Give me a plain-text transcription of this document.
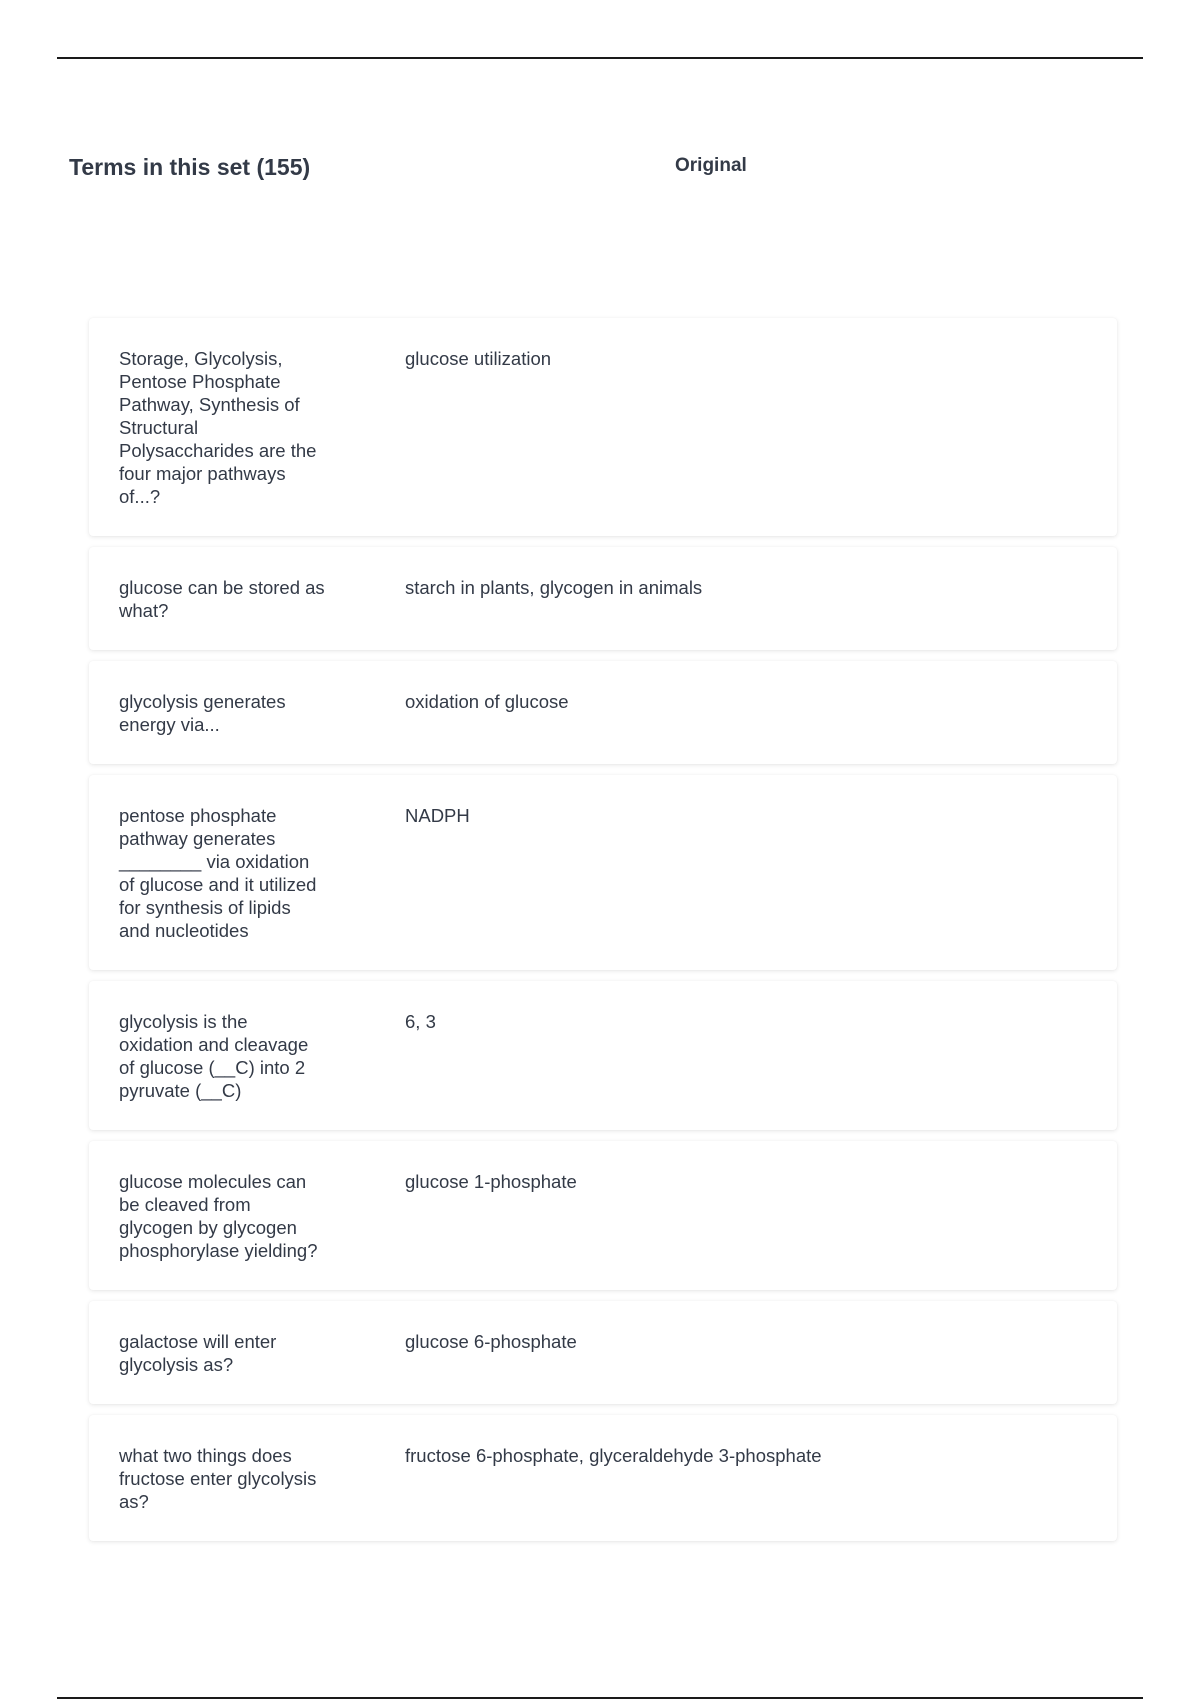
Terms in this set (155)	Original
Storage, Glycolysis,
Pentose Phosphate
Pathway, Synthesis of
Structural
Polysaccharides are the
four major pathways
of...?
glucose utilization
glucose can be stored as
what?
starch in plants, glycogen in animals
glycolysis generates
energy via...
oxidation of glucose
pentose phosphate
pathway generates
________ via oxidation
of glucose and it utilized
for synthesis of lipids
and nucleotides
NADPH
glycolysis is the
oxidation and cleavage
of glucose (__C) into 2
pyruvate (__C)
6, 3
glucose molecules can
be cleaved from
glycogen by glycogen
phosphorylase yielding?
glucose 1-phosphate
galactose will enter
glycolysis as?
glucose 6-phosphate
what two things does
fructose enter glycolysis
as?
fructose 6-phosphate, glyceraldehyde 3-phosphate
